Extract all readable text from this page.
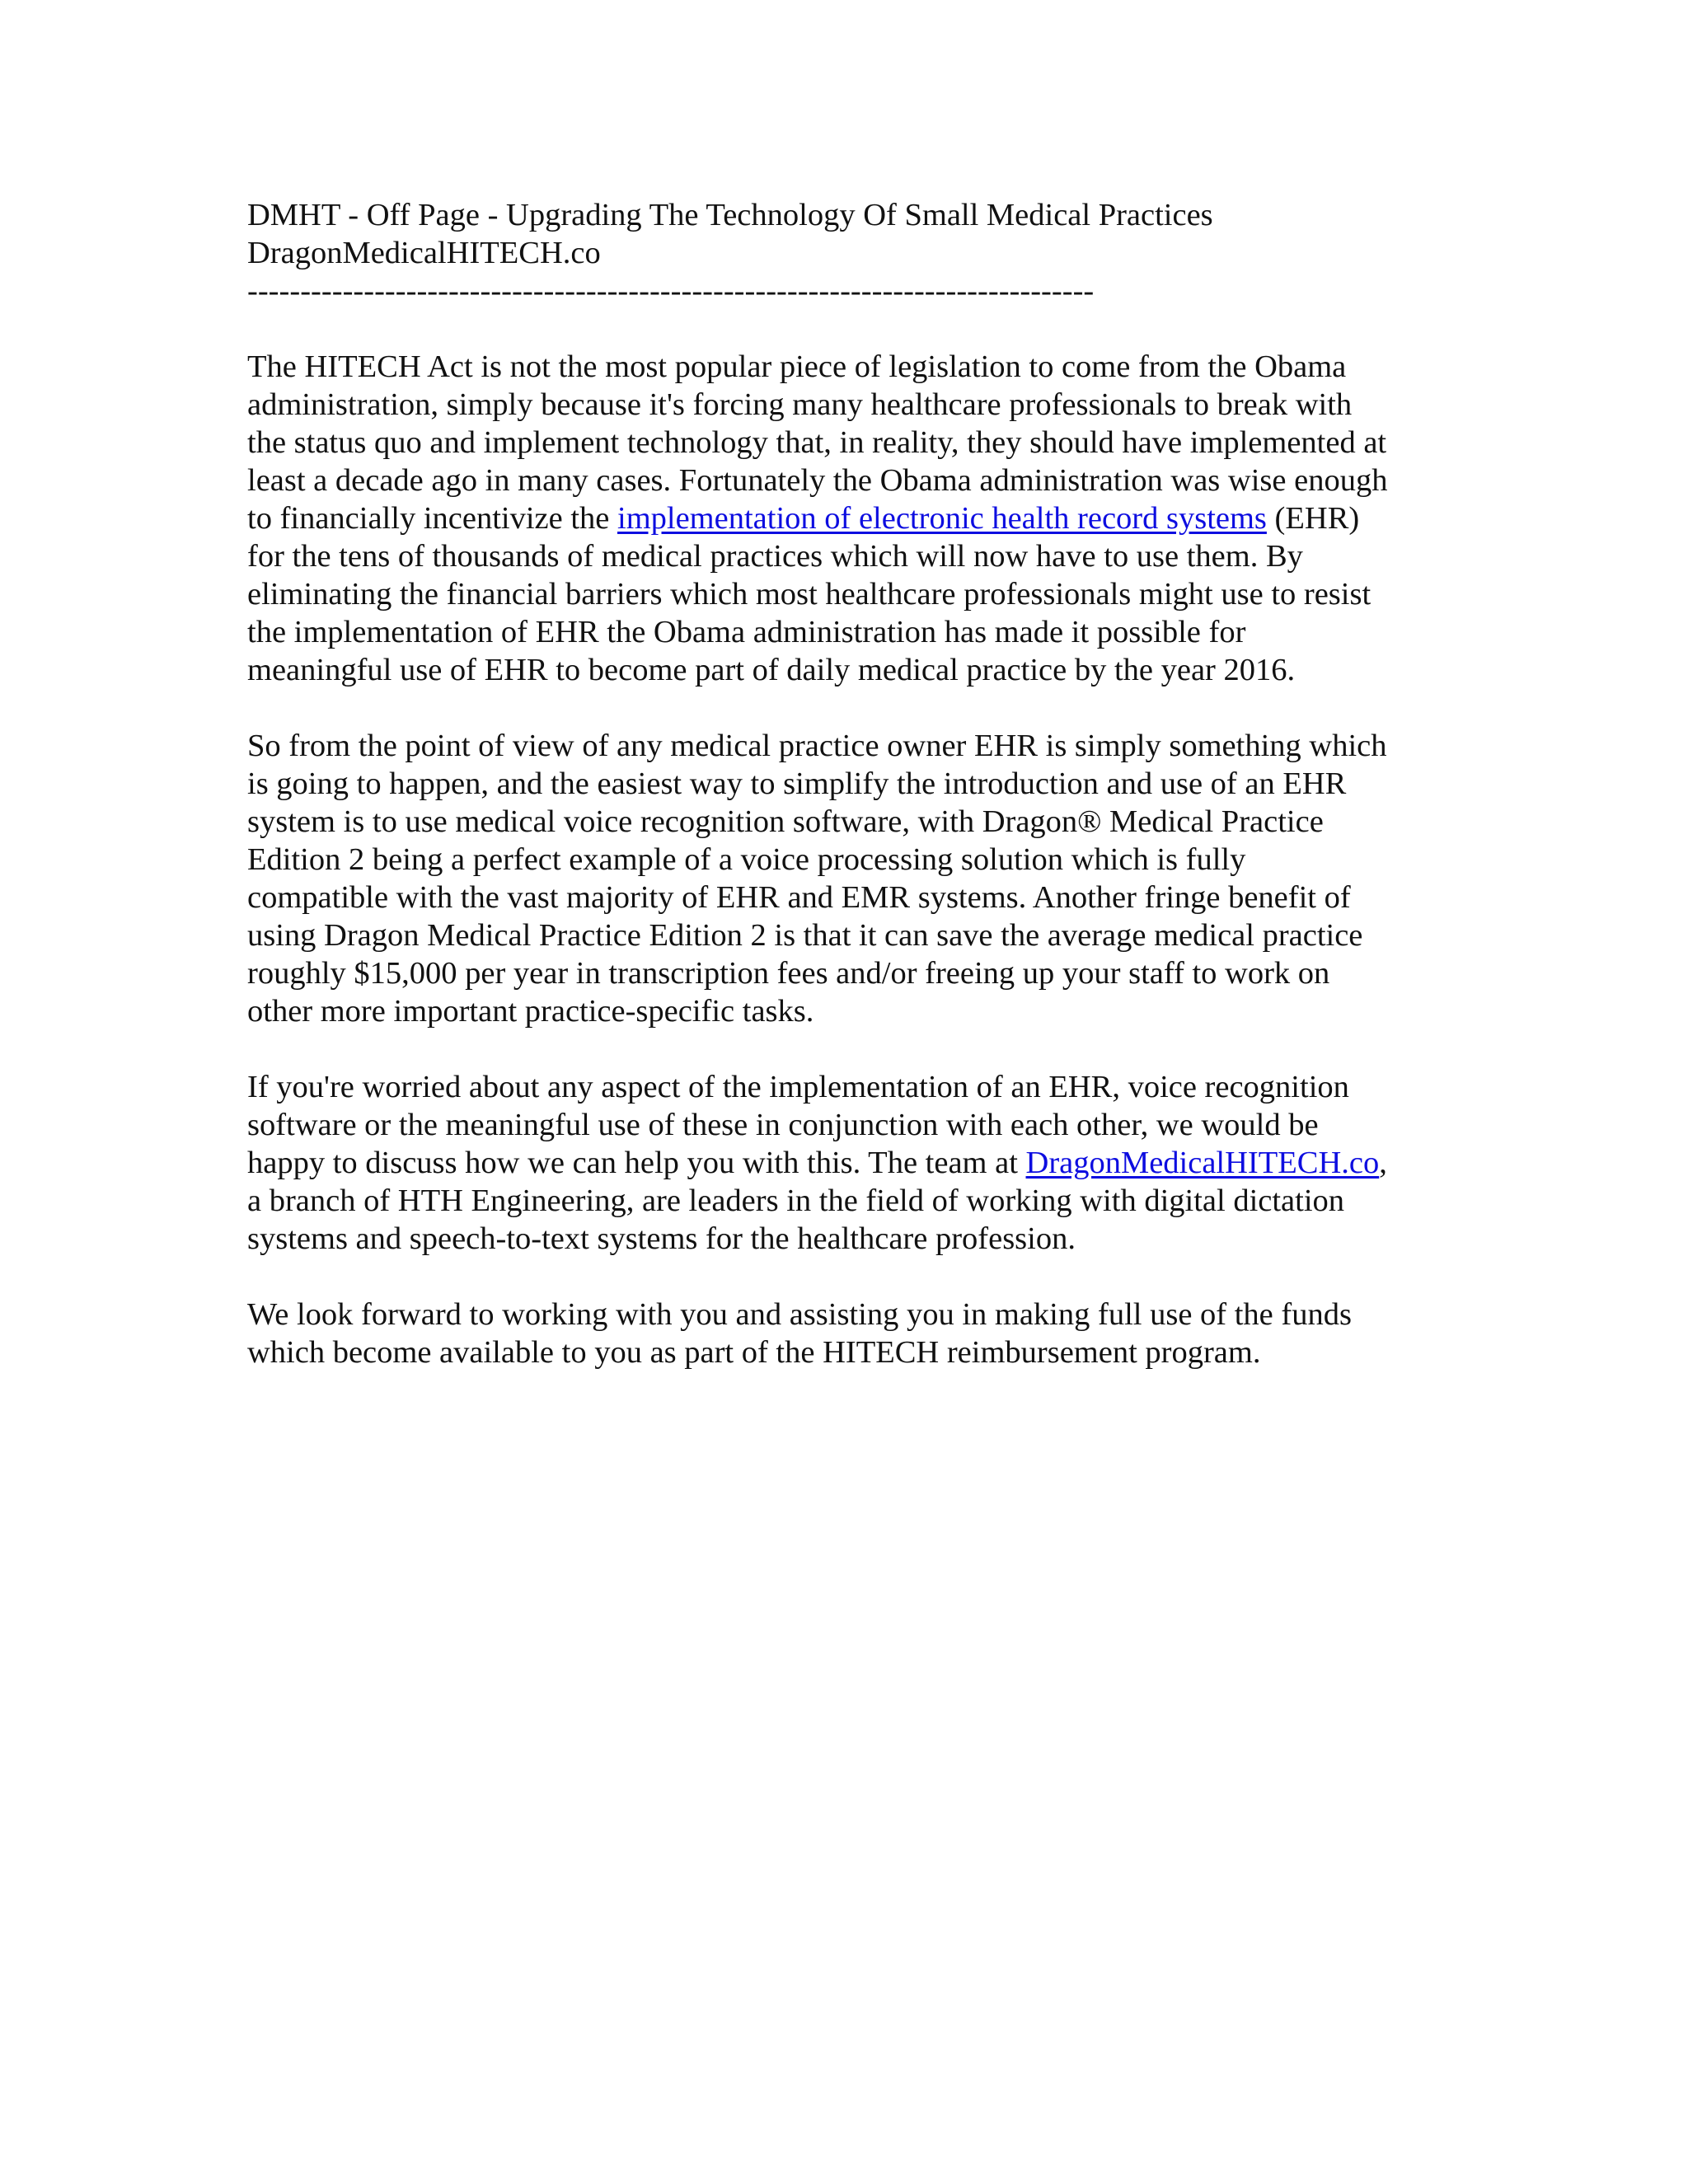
DMHT - Off Page - Upgrading The Technology Of Small Medical Practices
DragonMedicalHITECH.co
--------------------------------------------------------------------------------
The HITECH Act is not the most popular piece of legislation to come from the Obama
administration, simply because it's forcing many healthcare professionals to break with
the status quo and implement technology that, in reality, they should have implemented at
least a decade ago in many cases. Fortunately the Obama administration was wise enough
to financially incentivize the implementation of electronic health record systems (EHR)
for the tens of thousands of medical practices which will now have to use them. By
eliminating the financial barriers which most healthcare professionals might use to resist
the implementation of EHR the Obama administration has made it possible for
meaningful use of EHR to become part of daily medical practice by the year 2016.
So from the point of view of any medical practice owner EHR is simply something which
is going to happen, and the easiest way to simplify the introduction and use of an EHR
system is to use medical voice recognition software, with Dragon® Medical Practice
Edition 2 being a perfect example of a voice processing solution which is fully
compatible with the vast majority of EHR and EMR systems. Another fringe benefit of
using Dragon Medical Practice Edition 2 is that it can save the average medical practice
roughly $15,000 per year in transcription fees and/or freeing up your staff to work on
other more important practice-specific tasks.
If you're worried about any aspect of the implementation of an EHR, voice recognition
software or the meaningful use of these in conjunction with each other, we would be
happy to discuss how we can help you with this. The team at DragonMedicalHITECH.co,
a branch of HTH Engineering, are leaders in the field of working with digital dictation
systems and speech-to-text systems for the healthcare profession.
We look forward to working with you and assisting you in making full use of the funds
which become available to you as part of the HITECH reimbursement program.
